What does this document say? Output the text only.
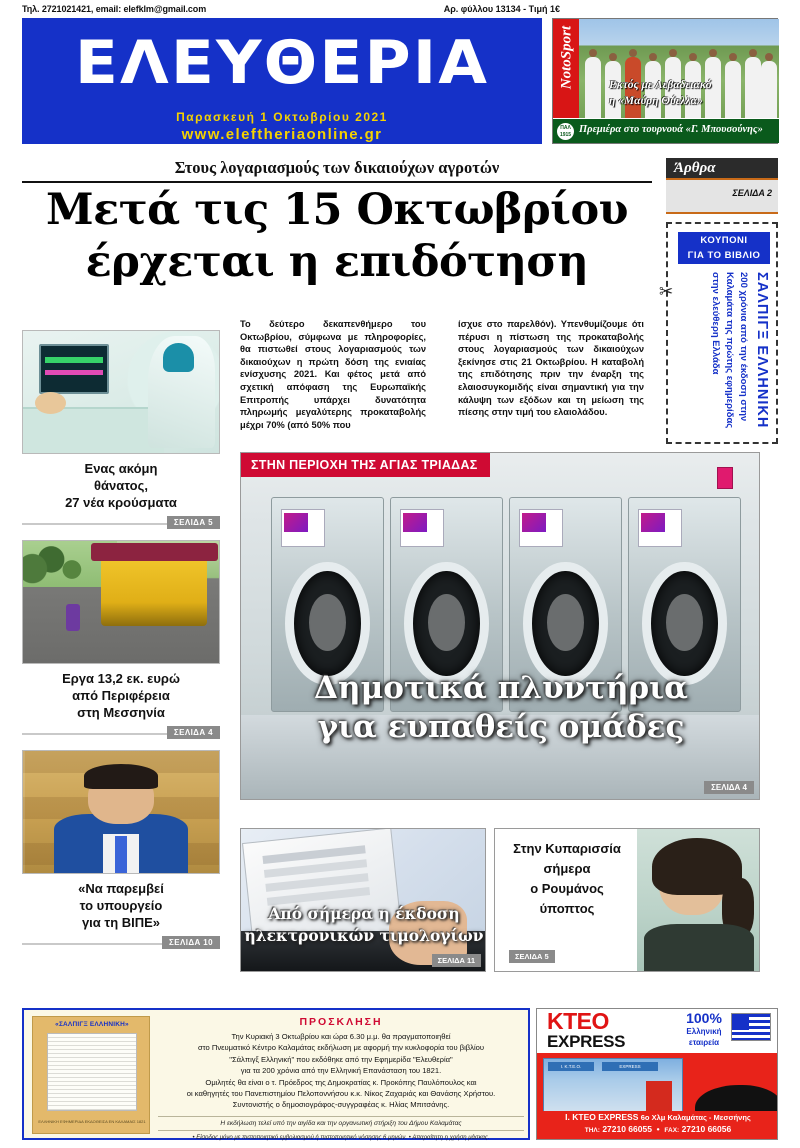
Τηλ. 2721021421, email: elefklm@gmail.com	Αρ. φύλλου 13134 - Τιμή 1€
ΕΛΕΥΘΕΡΙΑ
Παρασκευή 1 Οκτωβρίου 2021
www.eleftheriaonline.gr
NotoSport	Εκτός με Λεβαδειακό
η «Μαύρη Θύελλα»
ΠΑΛ 1915 Πρεμιέρα στο τουρνουά «Γ. Μπουσούνης»
Στους λογαριασμούς των δικαιούχων αγροτών
Μετά τις 15 Οκτωβρίου
έρχεται η επιδότηση
Άρθρα
ΣΕΛΙΔΑ 2
ΚΟΥΠΟΝΙ
ΓΙΑ ΤΟ ΒΙΒΛΙΟ
✂	ΣΑΛΠΙΓΞ ΕΛΛΗΝΙΚΗ
200 χρόνια από την έκδοση στην Καλαμάτα της πρώτης εφημερίδας στην ελεύθερη Ελλάδα
Το δεύτερο δεκαπενθήμερο του Οκτωβρίου, σύμφωνα με πληροφορίες, θα πιστωθεί στους λογαριασμούς των δικαιούχων η πρώτη δόση της ενιαίας ενίσχυσης 2021. Και φέτος μετά από σχετική απόφαση της Ευρωπαϊκής Επιτροπής υπάρχει δυνατότητα πληρωμής μεγαλύτερης προκαταβολής μέχρι 70% (από 50% που
ίσχυε στο παρελθόν). Υπενθυμίζουμε ότι πέρυσι η πίστωση της προκαταβολής στους λογαριασμούς των δικαιούχων ξεκίνησε στις 21 Οκτωβρίου. Η καταβολή της επιδότησης πριν την έναρξη της ελαιοσυγκομιδής είναι σημαντική για την κάλυψη των εξόδων και τη μείωση της πίεσης στην τιμή του ελαιολάδου.
Ενας ακόμη
θάνατος,
27 νέα κρούσματα
ΣΕΛΙΔΑ 5
Εργα 13,2 εκ. ευρώ
από Περιφέρεια
στη Μεσσηνία
ΣΕΛΙΔΑ 4
«Να παρεμβεί
το υπουργείο
για τη ΒΙΠΕ»
ΣΕΛΙΔΑ 10
ΣΤΗΝ ΠΕΡΙΟΧΗ ΤΗΣ ΑΓΙΑΣ ΤΡΙΑΔΑΣ
Δημοτικά πλυντήρια
για ευπαθείς ομάδες
ΣΕΛΙΔΑ 4
Από σήμερα η έκδοση
ηλεκτρονικών τιμολογίων
ΣΕΛΙΔΑ 11
Στην Κυπαρισσία
σήμερα
ο Ρουμάνος
ύποπτος
ΣΕΛΙΔΑ 5
«ΣΑΛΠΙΓΞ ΕΛΛΗΝΙΚΗ»
ΕΛΛΗΝΙΚΗ ΕΦΗΜΕΡΙΔΑ ΕΚΔΟΘΕΙΣΑ ΕΝ ΚΑΛΑΜΑΙΣ 1821
ΠΡΟΣΚΛΗΣΗ
Την Κυριακή 3 Οκτωβρίου και ώρα 6.30 μ.μ. θα πραγματοποιηθεί
στο Πνευματικό Κέντρο Καλαμάτας εκδήλωση με αφορμή την κυκλοφορία του βιβλίου
"Σάλπιγξ Ελληνική" που εκδόθηκε από την Εφημερίδα "Ελευθερία"
για τα 200 χρόνια από την Ελληνική Επανάσταση του 1821.
Ομιλητές θα είναι ο τ. Πρόεδρος της Δημοκρατίας κ. Προκόπης Παυλόπουλος και
οι καθηγητές του Πανεπιστημίου Πελοποννήσου κ.κ. Νίκος Ζαχαριάς και Θανάσης Χρήστου.
Συντονιστής ο δημοσιογράφος-συγγραφέας κ. Ηλίας Μπιτσάνης.
Η εκδήλωση τελεί υπό την αιγίδα και την οργανωτική στήριξη του Δήμου Καλαμάτας
• Είσοδος μόνο με πιστοποιητικό εμβολιασμού ή πιστοποιητικό νόσησης 6 μηνών. • Απαραίτητη η χρήση μάσκας.
ΚΤΕΟ
EXPRESS
100%
Ελληνική
εταιρεία
Ι. Κ.Τ.Ε.Ο.	EXPRESS
Ι. ΚΤΕΟ EXPRESS 6ο Χλμ Καλαμάτας - Μεσσήνης
ΤΗΛ: 27210 66055  •  FAX: 27210 66056
